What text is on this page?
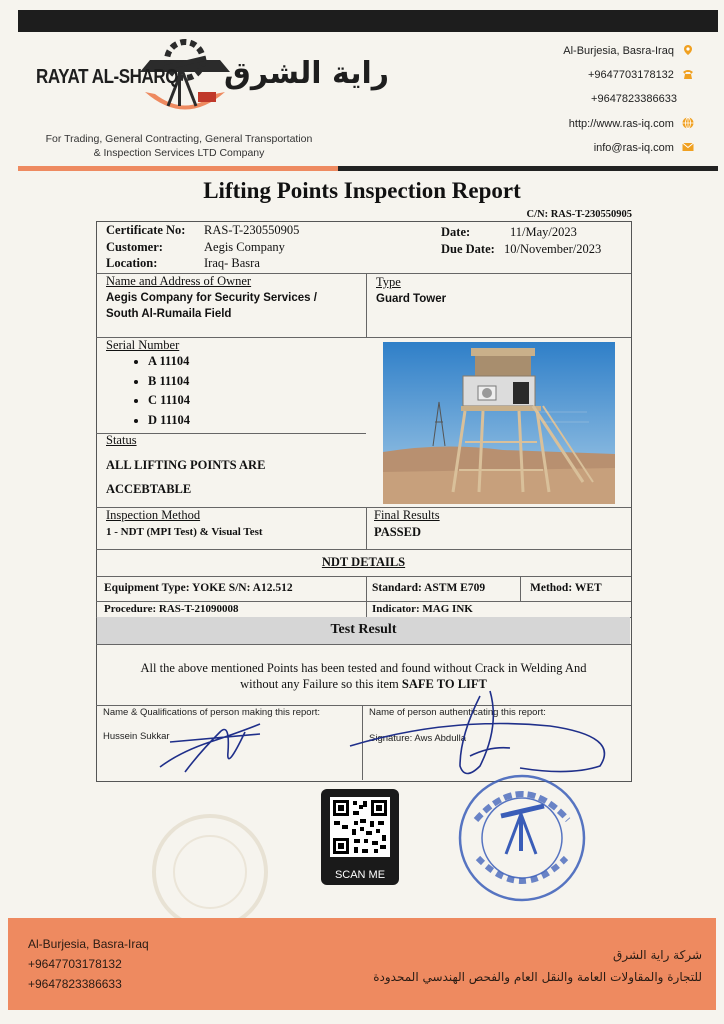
RAYAT AL-SHARQ راية الشرق
For Trading, General Contracting, General Transportation
& Inspection Services LTD Company
Al-Burjesia, Basra-Iraq
+9647703178132
+9647823386633
http://www.ras-iq.com
info@ras-iq.com
Lifting Points Inspection Report
C/N: RAS-T-230550905
Certificate No: RAS-T-230550905
Customer:	Aegis Company
Location:	Iraq- Basra
Date:	11/May/2023
Due Date: 10/November/2023
Name and Address of Owner
Aegis Company for Security Services /
South Al-Rumaila Field
Type
Guard Tower
Serial Number
• A 11104
• B 11104
• C 11104
• D 11104
Status
ALL LIFTING POINTS ARE
ACCEBTABLE
Inspection Method
1 - NDT (MPI Test) & Visual Test
Final Results
PASSED
NDT DETAILS
Equipment Type: YOKE S/N: A12.512	Standard: ASTM E709	Method: WET
Procedure: RAS-T-21090008	Indicator: MAG INK
Test Result
All the above mentioned Points has been tested and found without Crack in Welding And
without any Failure so this item SAFE TO LIFT
Name & Qualifications of person making this report:
Hussein Sukkar
Name of person authenticating this report:
Signature: Aws Abdulla
SCAN ME
Al-Burjesia, Basra-Iraq
+9647703178132
+9647823386633
شركة راية الشرق
للتجارة والمقاولات العامة والنقل العام والفحص الهندسي المحدودة
